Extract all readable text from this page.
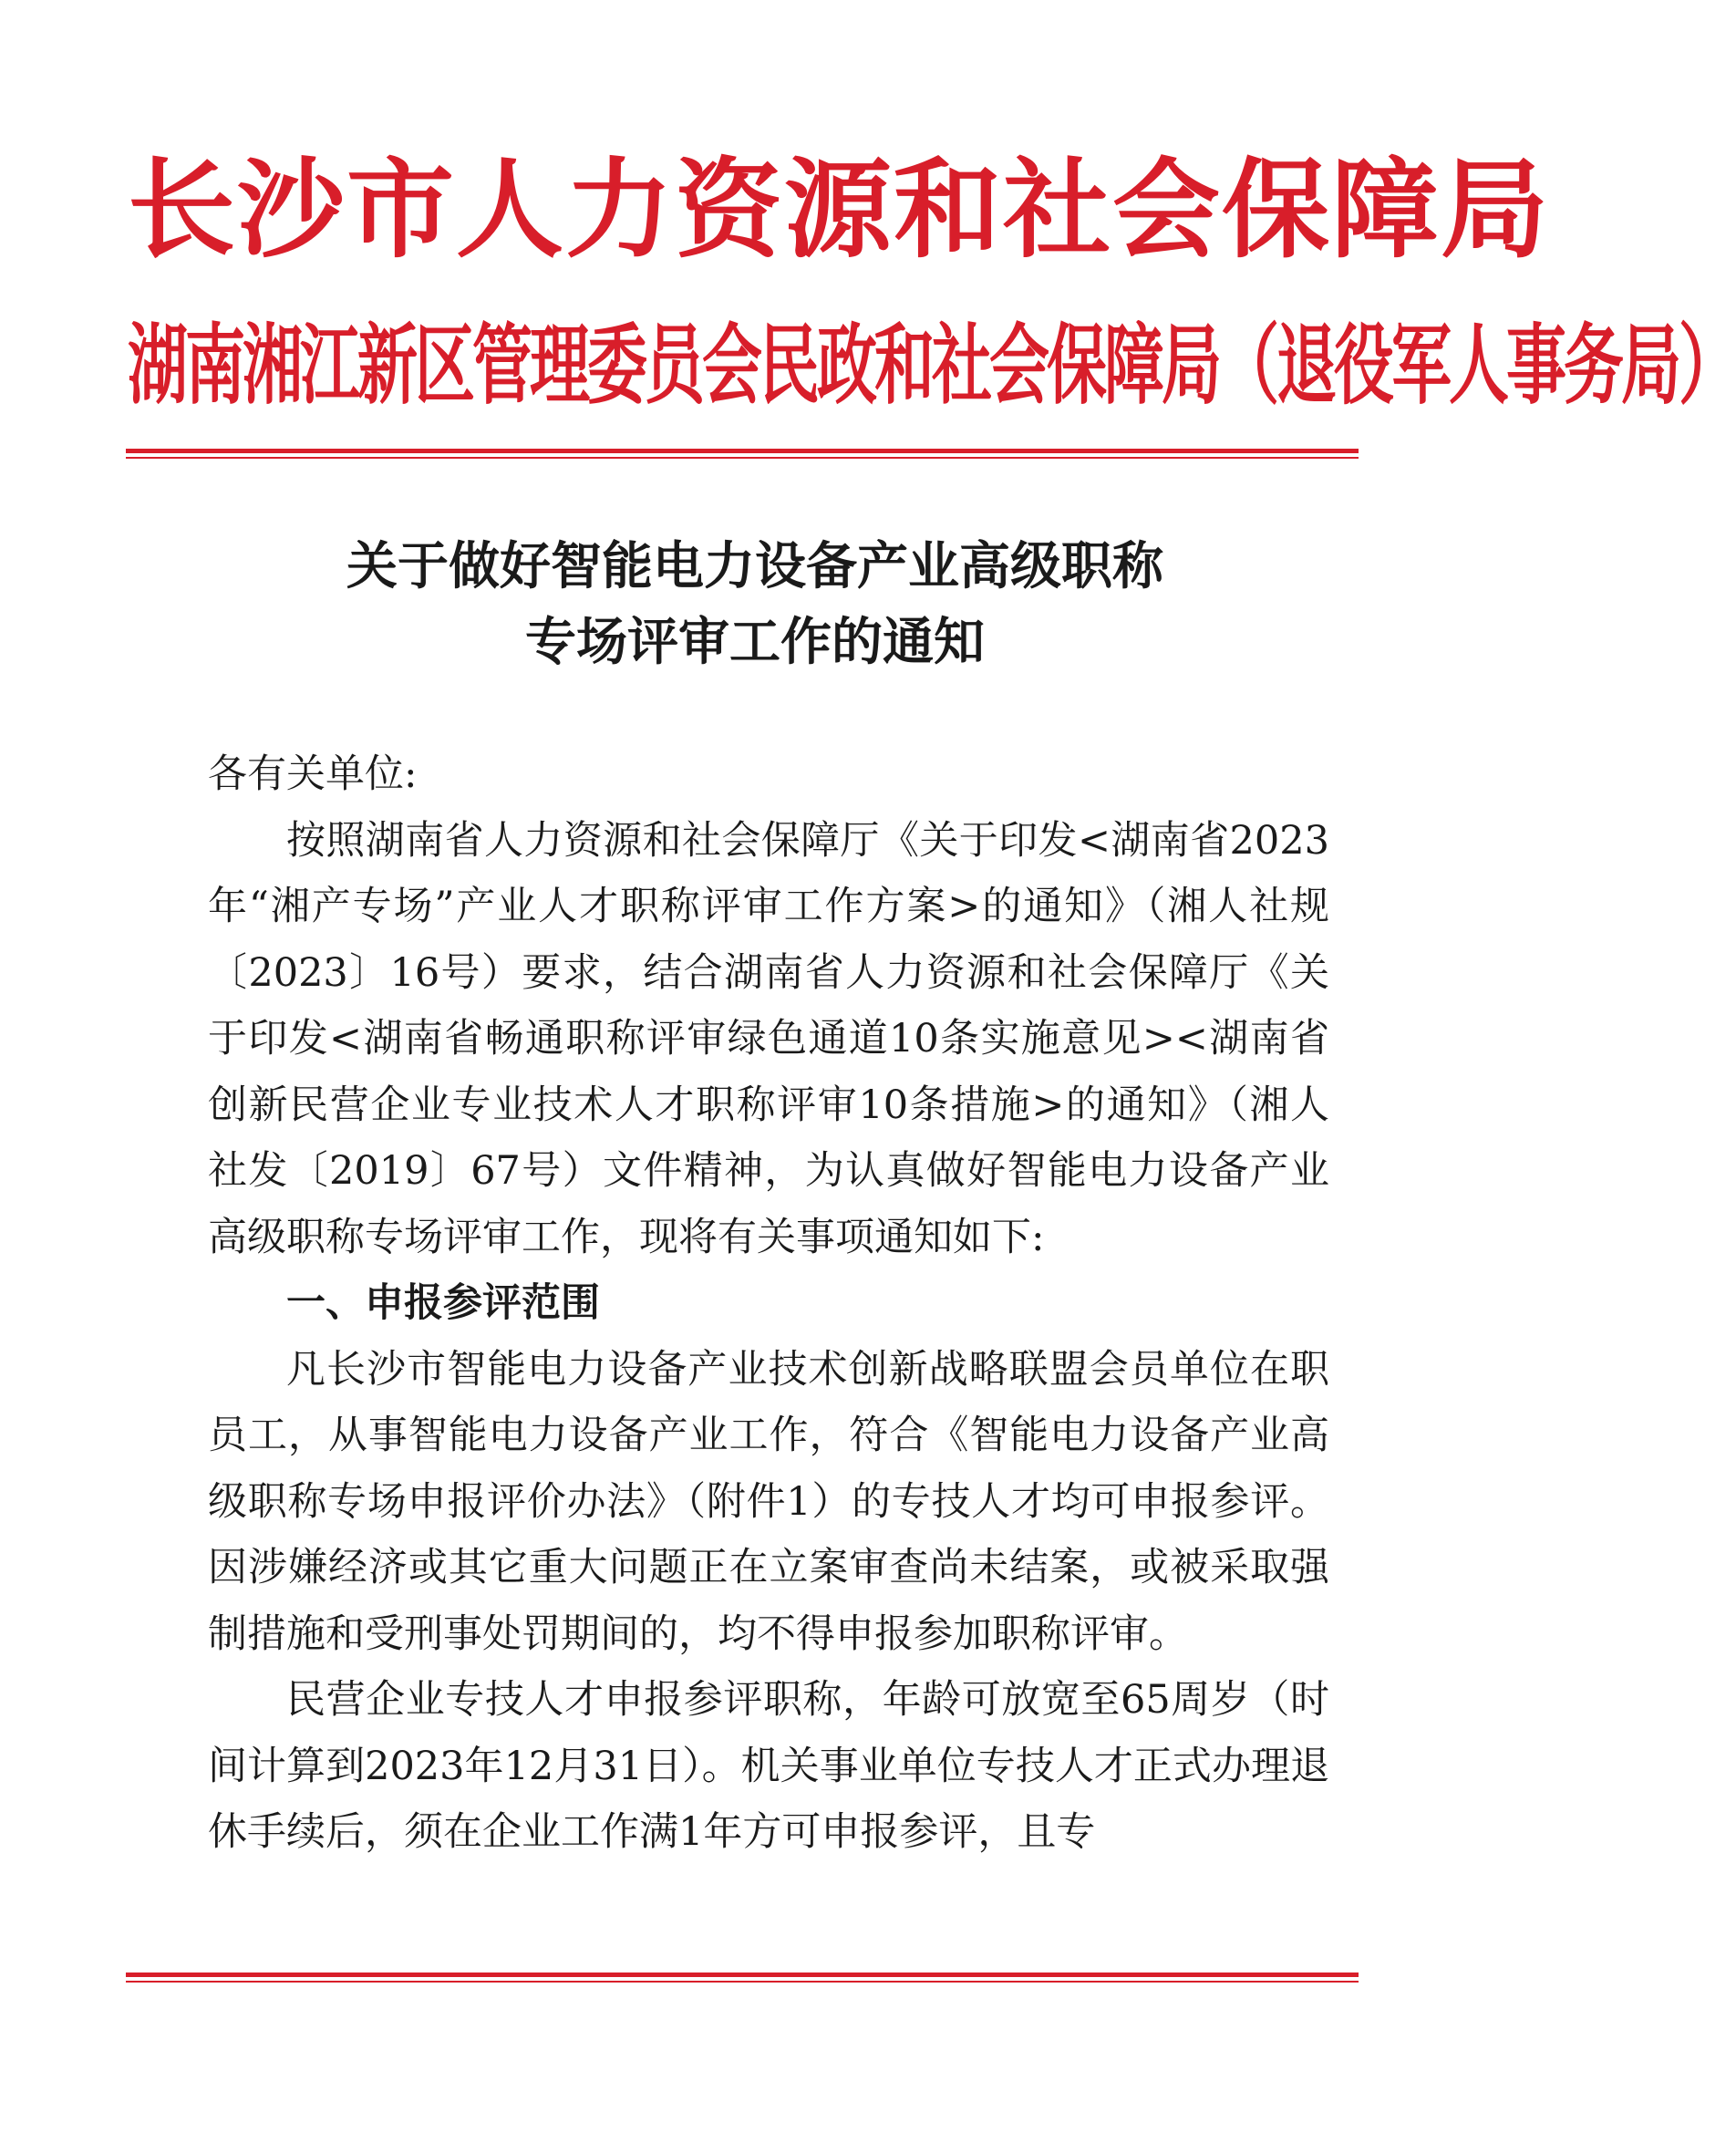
长沙市人力资源和社会保障局
湖南湘江新区管理委员会民政和社会保障局（退役军人事务局）
关于做好智能电力设备产业高级职称
专场评审工作的通知

各有关单位:

按照湖南省人力资源和社会保障厅《关于印发<湖南省2023年“湘产专场”产业人才职称评审工作方案>的通知》（湘人社规〔2023〕16号）要求，结合湖南省人力资源和社会保障厅《关于印发<湖南省畅通职称评审绿色通道10条实施意见><湖南省创新民营企业专业技术人才职称评审10条措施>的通知》（湘人社发〔2019〕67号）文件精神，为认真做好智能电力设备产业高级职称专场评审工作，现将有关事项通知如下:

一、申报参评范围

凡长沙市智能电力设备产业技术创新战略联盟会员单位在职员工，从事智能电力设备产业工作，符合《智能电力设备产业高级职称专场申报评价办法》（附件1）的专技人才均可申报参评。因涉嫌经济或其它重大问题正在立案审查尚未结案，或被采取强制措施和受刑事处罚期间的，均不得申报参加职称评审。

民营企业专技人才申报参评职称，年龄可放宽至65周岁（时间计算到2023年12月31日）。机关事业单位专技人才正式办理退休手续后，须在企业工作满1年方可申报参评，且专
